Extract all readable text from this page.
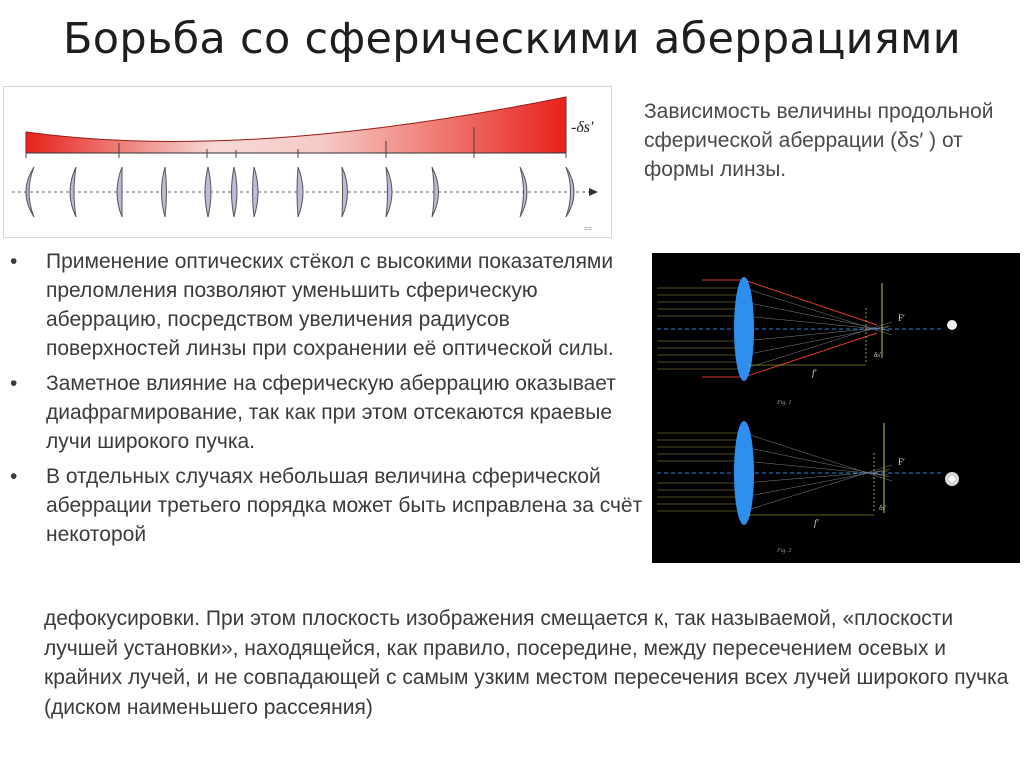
Борьба со сферическими аберрациями
-δs′
==
Зависимость величины продольной сферической аберрации (δs′ ) от формы линзы.
• Применение оптических стёкол с высокими показателями преломления позволяют уменьшить сферическую аберрацию, посредством увеличения радиусов поверхностей линзы при сохранении её оптической силы.
• Заметное влияние на сферическую аберрацию оказывает диафрагмирование, так как при этом отсекаются краевые лучи широкого пучка.
• В отдельных случаях небольшая величина сферической аберрации третьего порядка может быть исправлена за счёт некоторой
дефокусировки. При этом плоскость изображения смещается к, так называемой, «плоскости лучшей установки», находящейся, как правило, посередине, между пересечением осевых и крайних лучей, и не совпадающей с самым узким местом пересечения всех лучей широкого пучка (диском наименьшего рассеяния)
F′
f′
δs′
Fig. 1
F′
f′
δs′
Fig. 2
